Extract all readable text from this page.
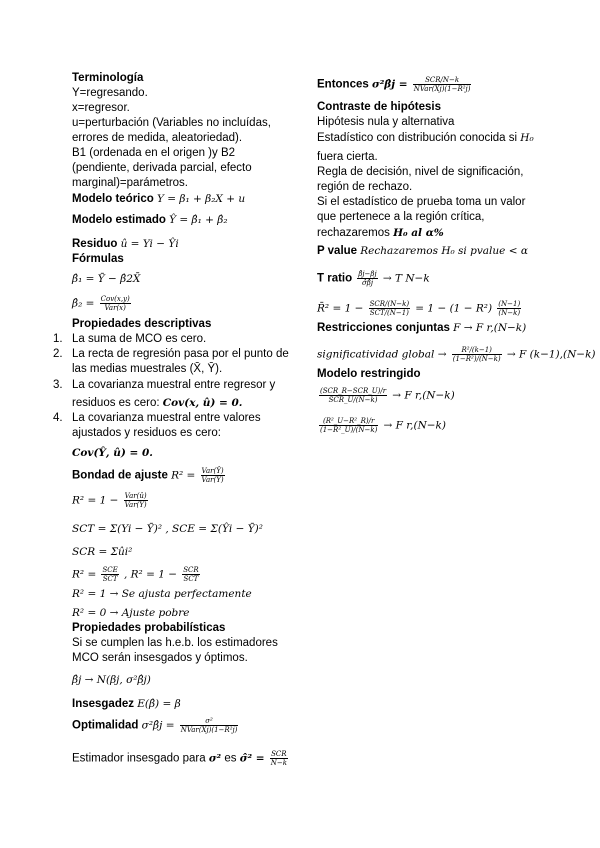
Terminología
Y=regresando.
x=regresor.
u=perturbación (Variables no incluídas,
errores de medida, aleatoriedad).
B1 (ordenada en el origen )y B2
(pendiente, derivada parcial, efecto
marginal)=parámetros.
Modelo teórico Y = β₁ + β₂X + u
Modelo estimado Ŷ = β̂₁ + β̂₂
Residuo û = Yi − Ŷi
Fórmulas
β̂₁ = Ȳ − β̂2X̄
β̂₂ = $\frac{\text{Cov(x,y)}}{\text{Var(x)}}$
Propiedades descriptivas
1. La suma de MCO es cero.
2. La recta de regresión pasa por el punto de
las medias muestrales (X̄, Ȳ).
3. La covarianza muestral entre regresor y
residuos es cero: Cov(x, û) = 0.
4. La covarianza muestral entre valores
ajustados y residuos es cero:
Cov(Ŷ, û) = 0.
Bondad de ajuste $R^2 = \frac{\text{Var(Ŷ)}}{\text{Var(Y)}}$
$R^2 = 1 - \frac{\text{Var(û)}}{\text{Var(Y)}}$
SCT = Σ(Yi − Ȳ)² , SCE = Σ(Ŷi − Ȳ)²
SCR = Σûi²
$R^2 = \frac{\text{SCE}}{\text{SCT}}$ , $R^2 = 1 - \frac{\text{SCR}}{\text{SCT}}$
R² = 1 → Se ajusta perfectamente
R² = 0 → Ajuste pobre
Propiedades probabilísticas
Si se cumplen las h.e.b. los estimadores
MCO serán insesgados y óptimos.
β̂j → N(βj, σ²β̂j)
Insesgadez E(β̂) = β
Optimalidad σ²β̂j = $\frac{\text{σ²}}{\text{NVar(Xj)(1−R²j)}}$
Estimador insesgado para σ² es σ̂² = $\frac{\text{SCR}}{N-k}$
Entonces σ²β̂j = $\frac{\text{SCR/N−k}}{\text{NVar(Xj)(1−R²j)}}$
Contraste de hipótesis
Hipótesis nula y alternativa
Estadístico con distribución conocida si H₀
fuera cierta.
Regla de decisión, nivel de significación,
región de rechazo.
Si el estadístico de prueba toma un valor
que pertenece a la región crítica,
rechazaremos H₀ al α%
P value Rechazaremos H₀ si pvalue < α
T ratio $\frac{\betâj-\beta j}{\sigmâ\betâj} \to T$ N−k
R̄² = $1 - \frac{\text{SCR/(N−k)}}{\text{SCT/(N−1)}} = 1 - (1 - R^2) \frac{(N-1)}{(N-k)}$
Restricciones conjuntas F → F r,(N−k)
significatividad global → $\frac{\text{R²/(k−1)}}{\text{(1−R²)/(N−k)}} \to F$ (k−1),(N−k)
Modelo restringido
$\frac{\text{(SCR\_R−SCR\_U)/r}}{\text{SCR\_U/(N−k)}} \to F$ r,(N−k)
$\frac{\text{(R²\_U−R²\_R)/r}}{\text{(1−R²\_U)/(N−k)}} \to F$ r,(N−k)
